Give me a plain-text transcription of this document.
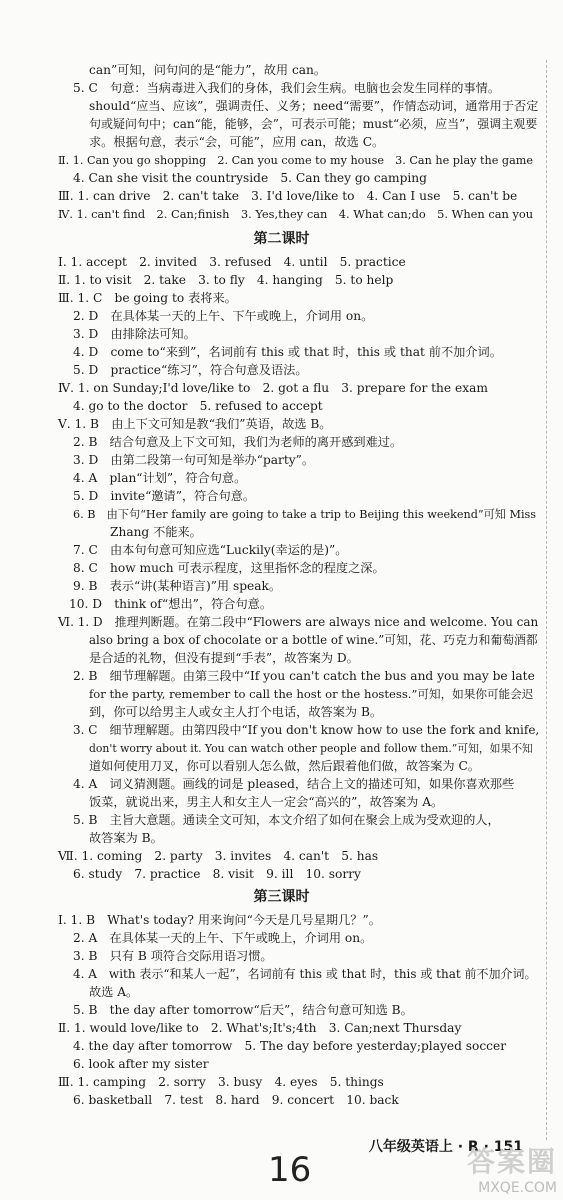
can”可知，问句问的是“能力”，故用 can。
5. C　句意：当病毒进入我们的身体，我们会生病。电脑也会发生同样的事情。
should“应当、应该”，强调责任、义务；need“需要”，作情态动词，通常用于否定
句或疑问句中；can“能，能够，会”，可表示可能；must“必须，应当”，强调主观要
求。根据句意，表示“会，可能”，应用 can，故选 C。
Ⅱ. 1. Can you go shopping　2. Can you come to my house　3. Can he play the game
4. Can she visit the countryside　5. Can they go camping
Ⅲ. 1. can drive　2. can't take　3. I'd love/like to　4. Can I use　5. can't be
Ⅳ. 1. can't find　2. Can;finish　3. Yes,they can　4. What can;do　5. When can you
Ⅰ. 1. accept　2. invited　3. refused　4. until　5. practice
Ⅱ. 1. to visit　2. take　3. to fly　4. hanging　5. to help
Ⅲ. 1. C　be going to 表将来。
2. D　在具体某一天的上午、下午或晚上，介词用 on。
3. D　由排除法可知。
4. D　come to“来到”，名词前有 this 或 that 时，this 或 that 前不加介词。
5. D　practice“练习”，符合句意及语法。
Ⅳ. 1. on Sunday;I'd love/like to　2. got a flu　3. prepare for the exam
4. go to the doctor　5. refused to accept
Ⅴ. 1. B　由上下文可知是教“我们”英语，故选 B。
2. B　结合句意及上下文可知，我们为老师的离开感到难过。
3. D　由第二段第一句可知是举办“party”。
4. A　plan“计划”，符合句意。
5. D　invite“邀请”，符合句意。
6. B　由下句“Her family are going to take a trip to Beijing this weekend”可知 Miss
Zhang 不能来。
7. C　由本句句意可知应选“Luckily(幸运的是)”。
8. C　how much 可表示程度，这里指怀念的程度之深。
9. B　表示“讲(某种语言)”用 speak。
10. D　think of“想出”，符合句意。
Ⅵ. 1. D　推理判断题。在第二段中“Flowers are always nice and welcome. You can
also bring a box of chocolate or a bottle of wine.”可知，花、巧克力和葡萄酒都
是合适的礼物，但没有提到“手表”，故答案为 D。
2. B　细节理解题。由第三段中“If you can't catch the bus and you may be late
for the party, remember to call the host or the hostess.”可知，如果你可能会迟
到，你可以给男主人或女主人打个电话，故答案为 B。
3. C　细节理解题。由第四段中“If you don't know how to use the fork and knife,
don't worry about it. You can watch other people and follow them.”可知，如果不知
道如何使用刀叉，你可以看别人怎么做，然后跟着他们做，故答案为 C。
4. A　词义猜测题。画线的词是 pleased，结合上文的描述可知，如果你喜欢那些
饭菜，就说出来，男主人和女主人一定会“高兴的”，故答案为 A。
5. B　主旨大意题。通读全文可知，本文介绍了如何在聚会上成为受欢迎的人，
故答案为 B。
Ⅶ. 1. coming　2. party　3. invites　4. can't　5. has
6. study　7. practice　8. visit　9. ill　10. sorry
Ⅰ. 1. B　What's today? 用来询问“今天是几号星期几？”。
2. A　在具体某一天的上午、下午或晚上，介词用 on。
3. B　只有 B 项符合交际用语习惯。
4. A　with 表示“和某人一起”，名词前有 this 或 that 时，this 或 that 前不加介词。
故选 A。
5. B　the day after tomorrow“后天”，结合句意可知选 B。
Ⅱ. 1. would love/like to　2. What's;It's;4th　3. Can;next Thursday
4. the day after tomorrow　5. The day before yesterday;played soccer
6. look after my sister
Ⅲ. 1. camping　2. sorry　3. busy　4. eyes　5. things
6. basketball　7. test　8. hard　9. concert　10. back
第二课时
第三课时
八年级英语上 · R · 151
16	答案圈
MXQE.COM
